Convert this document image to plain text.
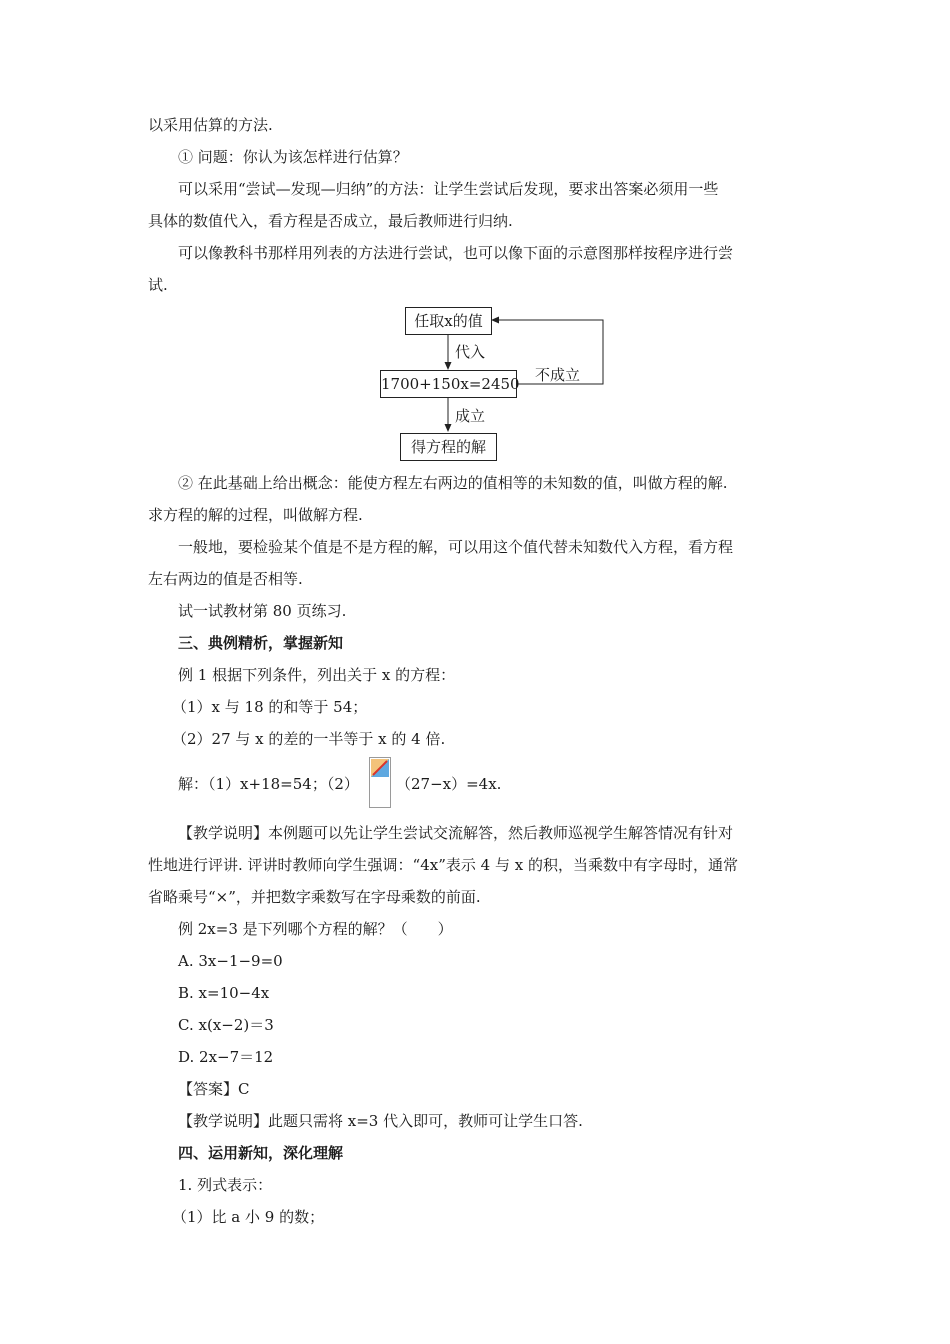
以采用估算的方法.
① 问题：你认为该怎样进行估算？
可以采用“尝试—发现—归纳”的方法：让学生尝试后发现，要求出答案必须用一些
具体的数值代入，看方程是否成立，最后教师进行归纳.
可以像教科书那样用列表的方法进行尝试，也可以像下面的示意图那样按程序进行尝
试.
任取x的值
1700+150x=2450
得方程的解
代入
成立
不成立
② 在此基础上给出概念：能使方程左右两边的值相等的未知数的值，叫做方程的解.
求方程的解的过程，叫做解方程.
一般地，要检验某个值是不是方程的解，可以用这个值代替未知数代入方程，看方程
左右两边的值是否相等.
试一试教材第 80 页练习.
三、典例精析，掌握新知
例 1 根据下列条件，列出关于 x 的方程：
（1）x 与 18 的和等于 54；
（2）27 与 x 的差的一半等于 x 的 4 倍.
解：（1）x+18=54；（2） （27−x）=4x.
【教学说明】本例题可以先让学生尝试交流解答，然后教师巡视学生解答情况有针对
性地进行评讲. 评讲时教师向学生强调：“4x”表示 4 与 x 的积，当乘数中有字母时，通常
省略乘号“×”，并把数字乘数写在字母乘数的前面.
例 2x=3 是下列哪个方程的解？（　　）
A. 3x−1−9=0
B. x=10−4x
C. x(x−2)＝3
D. 2x−7＝12
【答案】C
【教学说明】此题只需将 x=3 代入即可，教师可让学生口答.
四、运用新知，深化理解
1. 列式表示：
（1）比 a 小 9 的数；
